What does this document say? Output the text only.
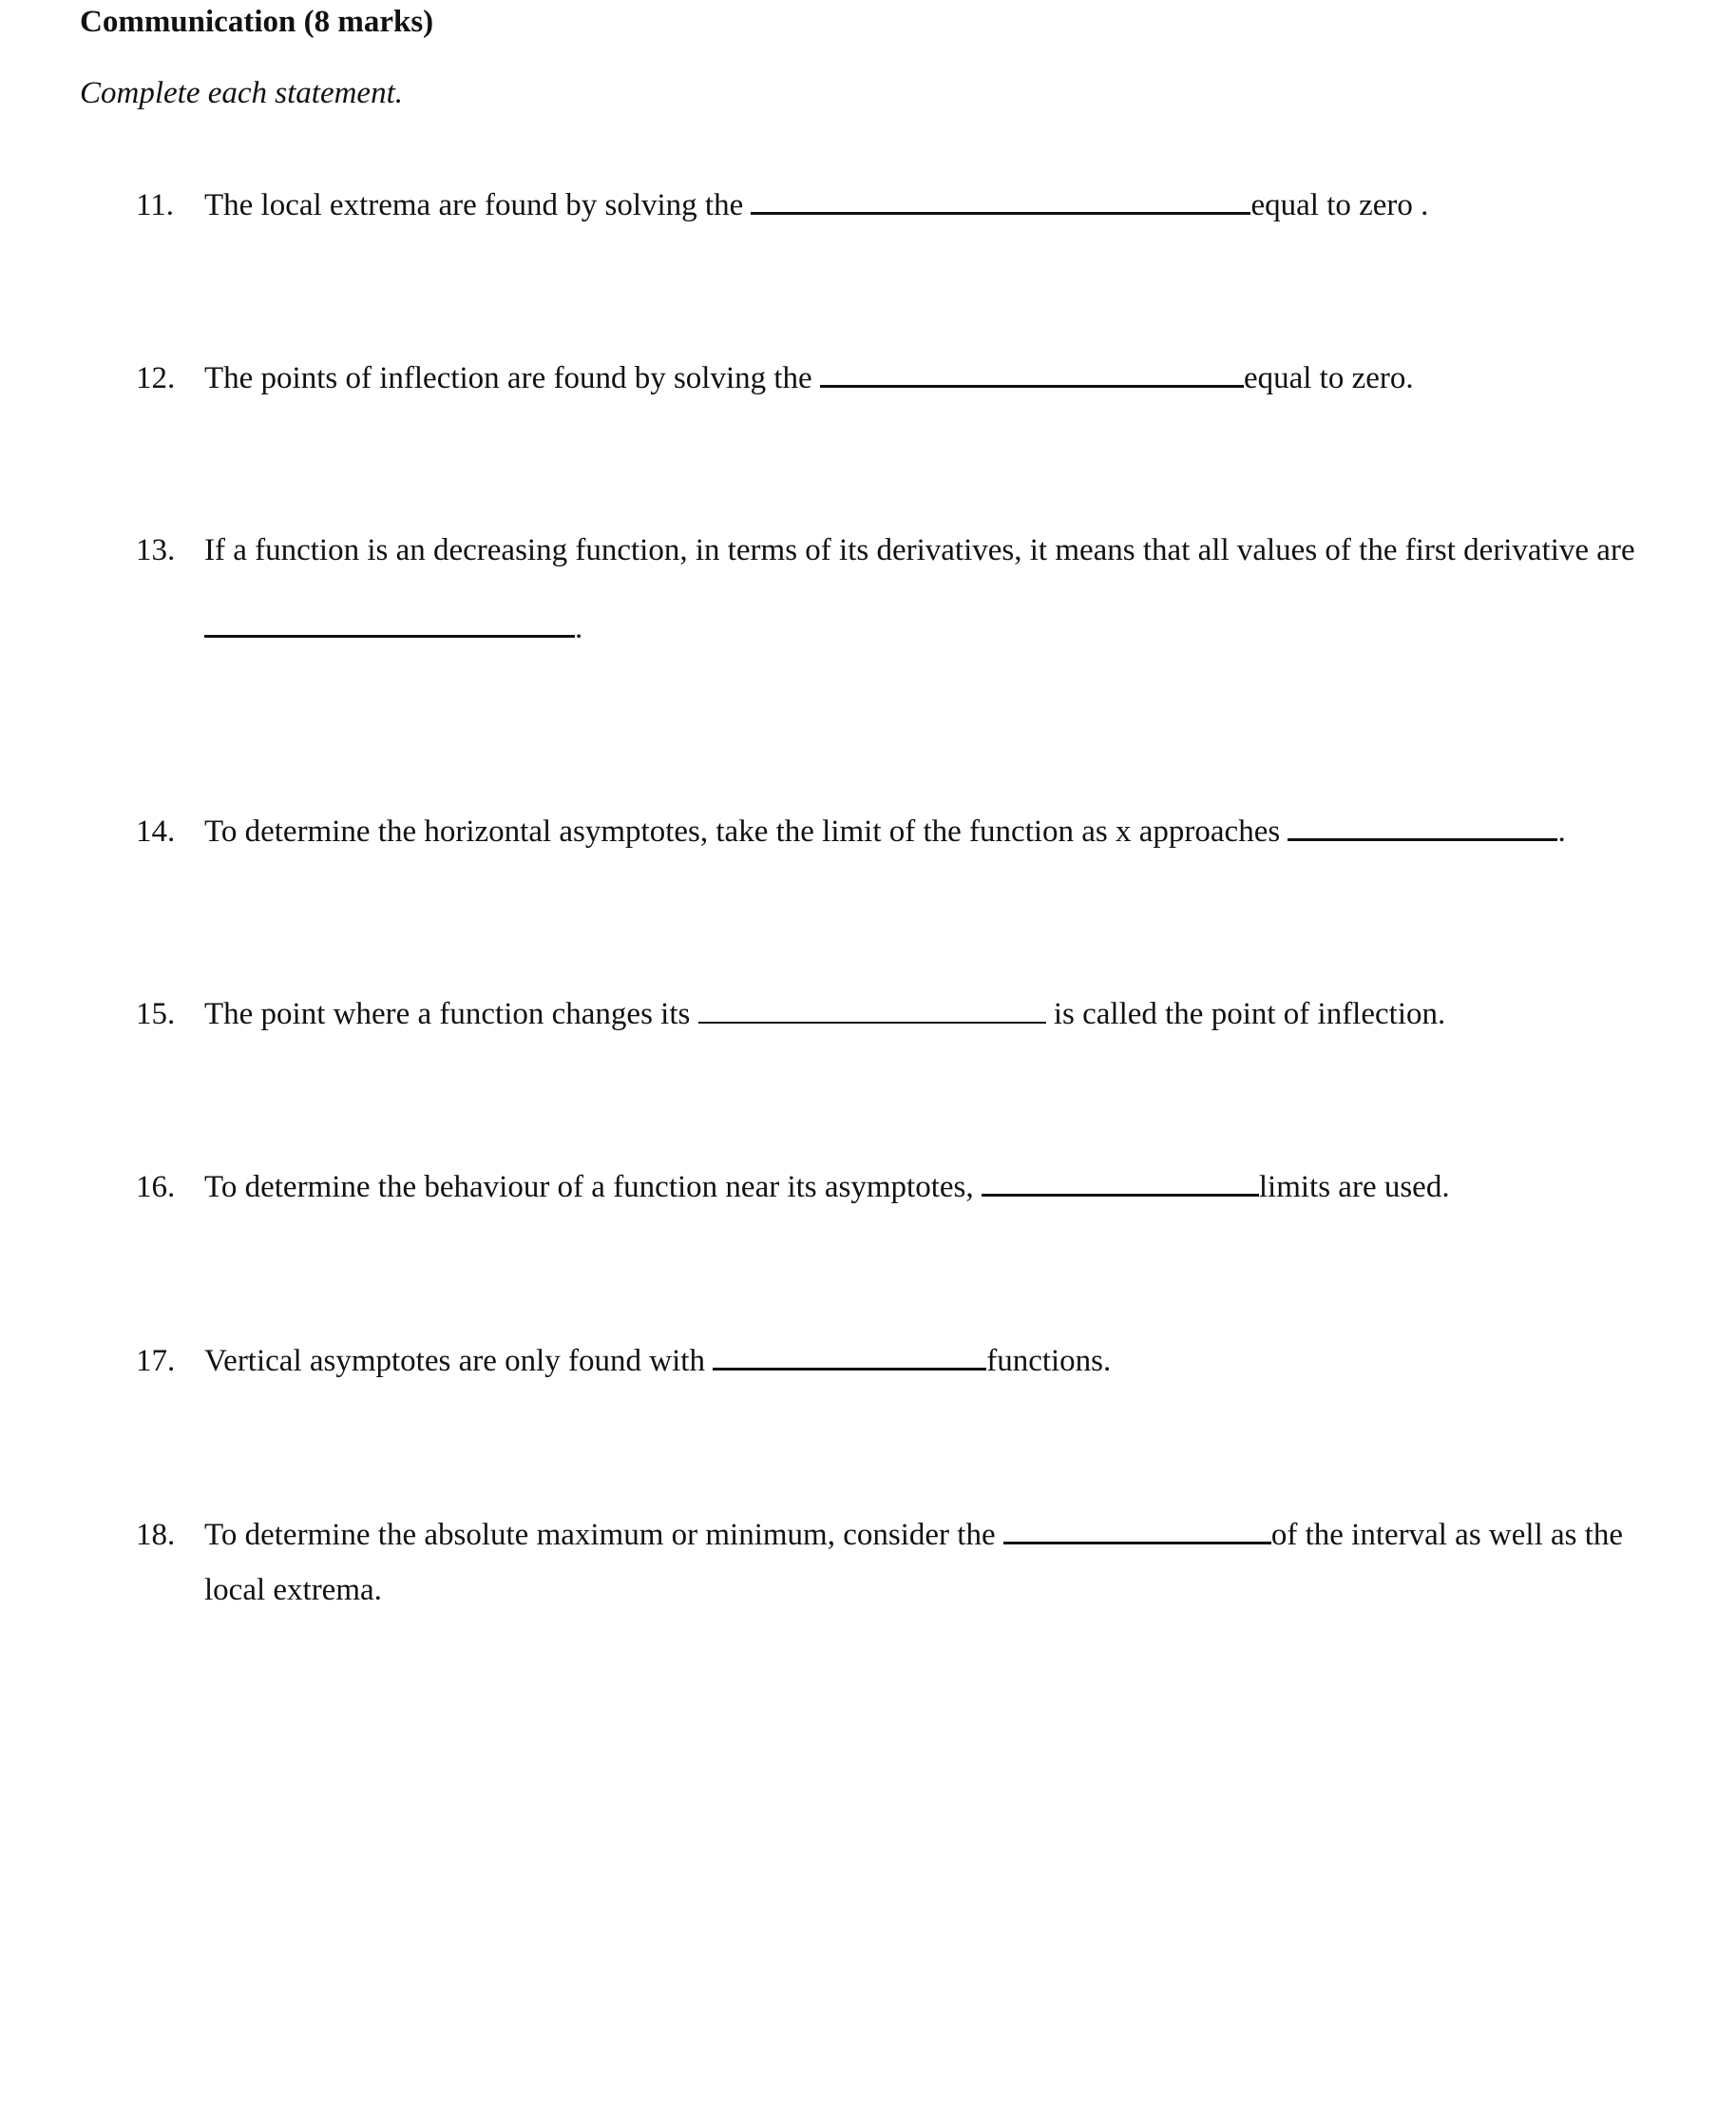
Communication (8 marks)
Complete each statement.
11. The local extrema are found by solving the	equal to zero .
12. The points of inflection are found by solving the	equal to zero.
13. If a function is an decreasing function, in terms of its derivatives, it means that all values of the first derivative are
.
14. To determine the horizontal asymptotes, take the limit of the function as x approaches	.
15. The point where a function changes its	is called the point of inflection.
16. To determine the behaviour of a function near its asymptotes,	limits are used.
17. Vertical asymptotes are only found with	functions.
18. To determine the absolute maximum or minimum, consider the	of the interval as well as the
local extrema.
